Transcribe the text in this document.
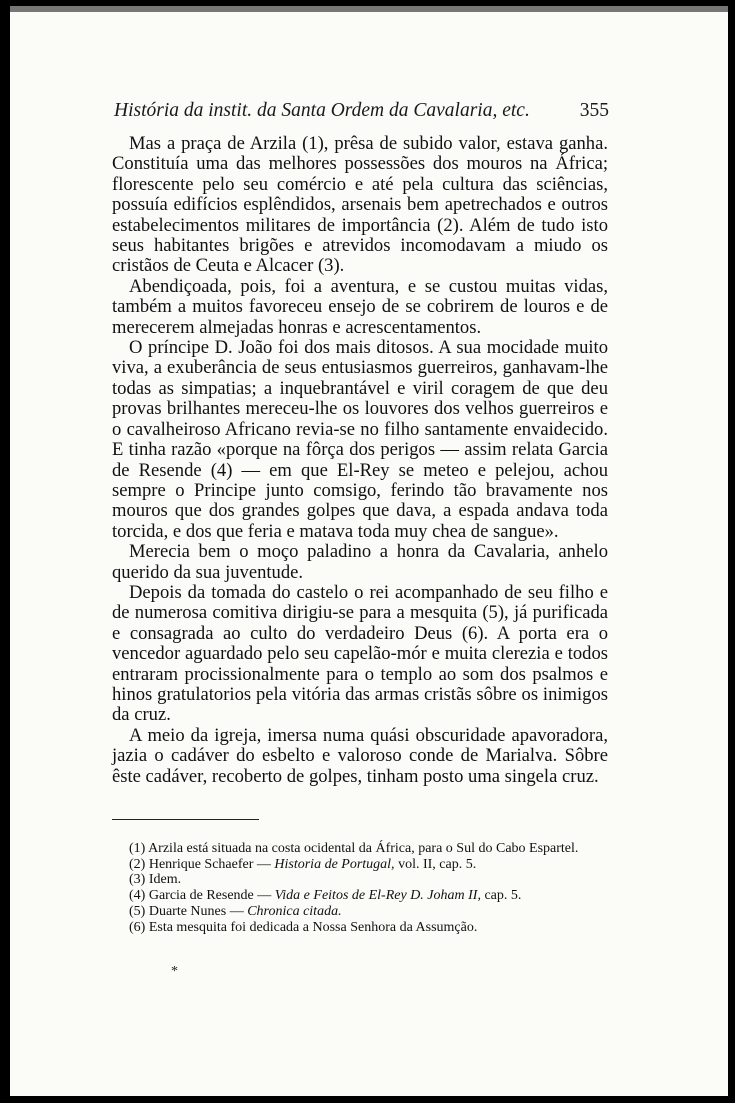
História da instit. da Santa Ordem da Cavalaria, etc.	355

Mas a praça de Arzila (1), prêsa de subido valor, estava ganha. Constituía uma das melhores possessões dos mouros na África; florescente pelo seu comércio e até pela cultura das sciências, possuía edifícios esplêndidos, arsenais bem apetrechados e outros estabelecimentos militares de importância (2). Além de tudo isto seus habitantes brigões e atrevidos incomodavam a miudo os cristãos de Ceuta e Alcacer (3).

Abendiçoada, pois, foi a aventura, e se custou muitas vidas, também a muitos favoreceu ensejo de se cobrirem de louros e de merecerem almejadas honras e acrescentamentos.

O príncipe D. João foi dos mais ditosos. A sua mocidade muito viva, a exuberância de seus entusiasmos guerreiros, ganhavam-lhe todas as simpatias; a inquebrantável e viril coragem de que deu provas brilhantes mereceu-lhe os louvores dos velhos guerreiros e o cavalheiroso Africano revia-se no filho santamente envaidecido. E tinha razão «porque na fôrça dos perigos — assim relata Garcia de Resende (4) — em que El-Rey se meteo e pelejou, achou sempre o Principe junto comsigo, ferindo tão bravamente nos mouros que dos grandes golpes que dava, a espada andava toda torcida, e dos que feria e matava toda muy chea de sangue».

Merecia bem o moço paladino a honra da Cavalaria, anhelo querido da sua juventude.

Depois da tomada do castelo o rei acompanhado de seu filho e de numerosa comitiva dirigiu-se para a mesquita (5), já purificada e consagrada ao culto do verdadeiro Deus (6). A porta era o vencedor aguardado pelo seu capelão-mór e muita clerezia e todos entraram procissionalmente para o templo ao som dos psalmos e hinos gratulatorios pela vitória das armas cristãs sôbre os inimigos da cruz.

A meio da igreja, imersa numa quási obscuridade apavoradora, jazia o cadáver do esbelto e valoroso conde de Marialva. Sôbre êste cadáver, recoberto de golpes, tinham posto uma singela cruz.

(1) Arzila está situada na costa ocidental da África, para o Sul do Cabo Espartel.

(2) Henrique Schaefer — Historia de Portugal, vol. II, cap. 5.

(3) Idem.

(4) Garcia de Resende — Vida e Feitos de El-Rey D. Joham II, cap. 5.

(5) Duarte Nunes — Chronica citada.

(6) Esta mesquita foi dedicada a Nossa Senhora da Assumção.

*
